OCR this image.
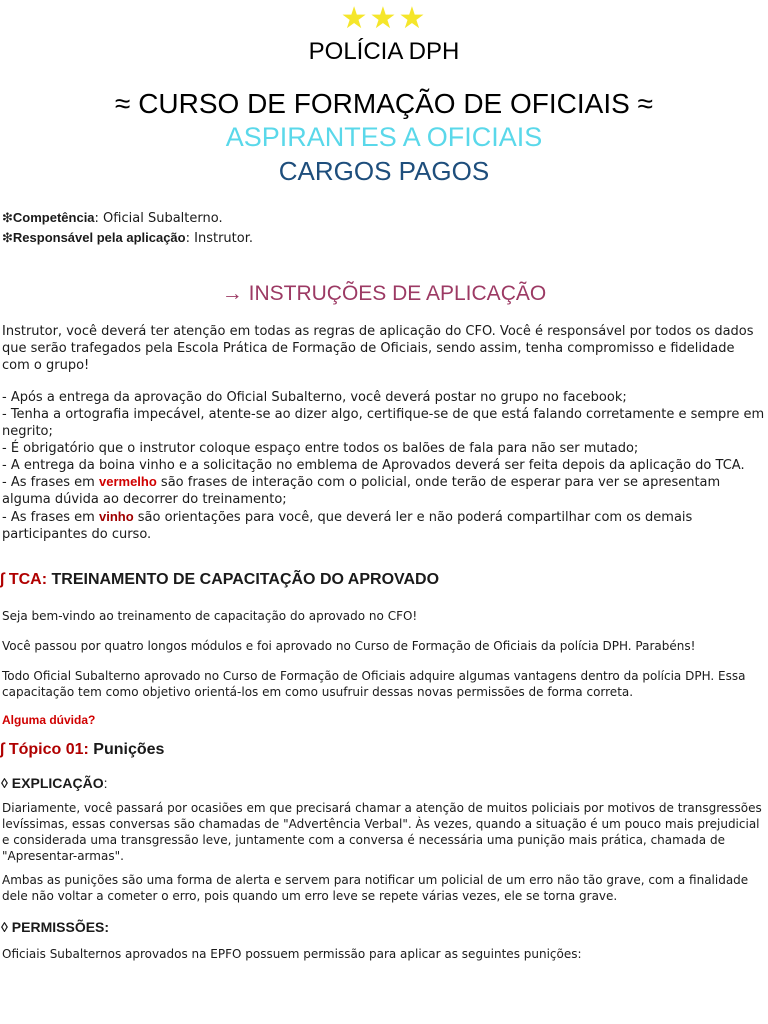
★★★
POLÍCIA DPH
≈ CURSO DE FORMAÇÃO DE OFICIAIS ≈
ASPIRANTES A OFICIAIS
CARGOS PAGOS
❇Competência: Oficial Subalterno.
❇Responsável pela aplicação: Instrutor.
→ INSTRUÇÕES DE APLICAÇÃO

Instrutor, você deverá ter atenção em todas as regras de aplicação do CFO. Você é responsável por todos os dados que serão trafegados pela Escola Prática de Formação de Oficiais, sendo assim, tenha compromisso e fidelidade com o grupo!

- Após a entrega da aprovação do Oficial Subalterno, você deverá postar no grupo no facebook;

- Tenha a ortografia impecável, atente-se ao dizer algo, certifique-se de que está falando corretamente e sempre em negrito;

- É obrigatório que o instrutor coloque espaço entre todos os balões de fala para não ser mutado;

- A entrega da boina vinho e a solicitação no emblema de Aprovados deverá ser feita depois da aplicação do TCA.

- As frases em vermelho são frases de interação com o policial, onde terão de esperar para ver se apresentam alguma dúvida ao decorrer do treinamento;

- As frases em vinho são orientações para você, que deverá ler e não poderá compartilhar com os demais participantes do curso.

∫ TCA: TREINAMENTO DE CAPACITAÇÃO DO APROVADO

Seja bem-vindo ao treinamento de capacitação do aprovado no CFO!

Você passou por quatro longos módulos e foi aprovado no Curso de Formação de Oficiais da polícia DPH. Parabéns!

Todo Oficial Subalterno aprovado no Curso de Formação de Oficiais adquire algumas vantagens dentro da polícia DPH. Essa capacitação tem como objetivo orientá-los em como usufruir dessas novas permissões de forma correta.

Alguma dúvida?

∫ Tópico 01: Punições
◊ EXPLICAÇÃO:

Diariamente, você passará por ocasiões em que precisará chamar a atenção de muitos policiais por motivos de transgressões levíssimas, essas conversas são chamadas de "Advertência Verbal". Às vezes, quando a situação é um pouco mais prejudicial e considerada uma transgressão leve, juntamente com a conversa é necessária uma punição mais prática, chamada de "Apresentar-armas".

Ambas as punições são uma forma de alerta e servem para notificar um policial de um erro não tão grave, com a finalidade dele não voltar a cometer o erro, pois quando um erro leve se repete várias vezes, ele se torna grave.

◊ PERMISSÕES:

Oficiais Subalternos aprovados na EPFO possuem permissão para aplicar as seguintes punições:
